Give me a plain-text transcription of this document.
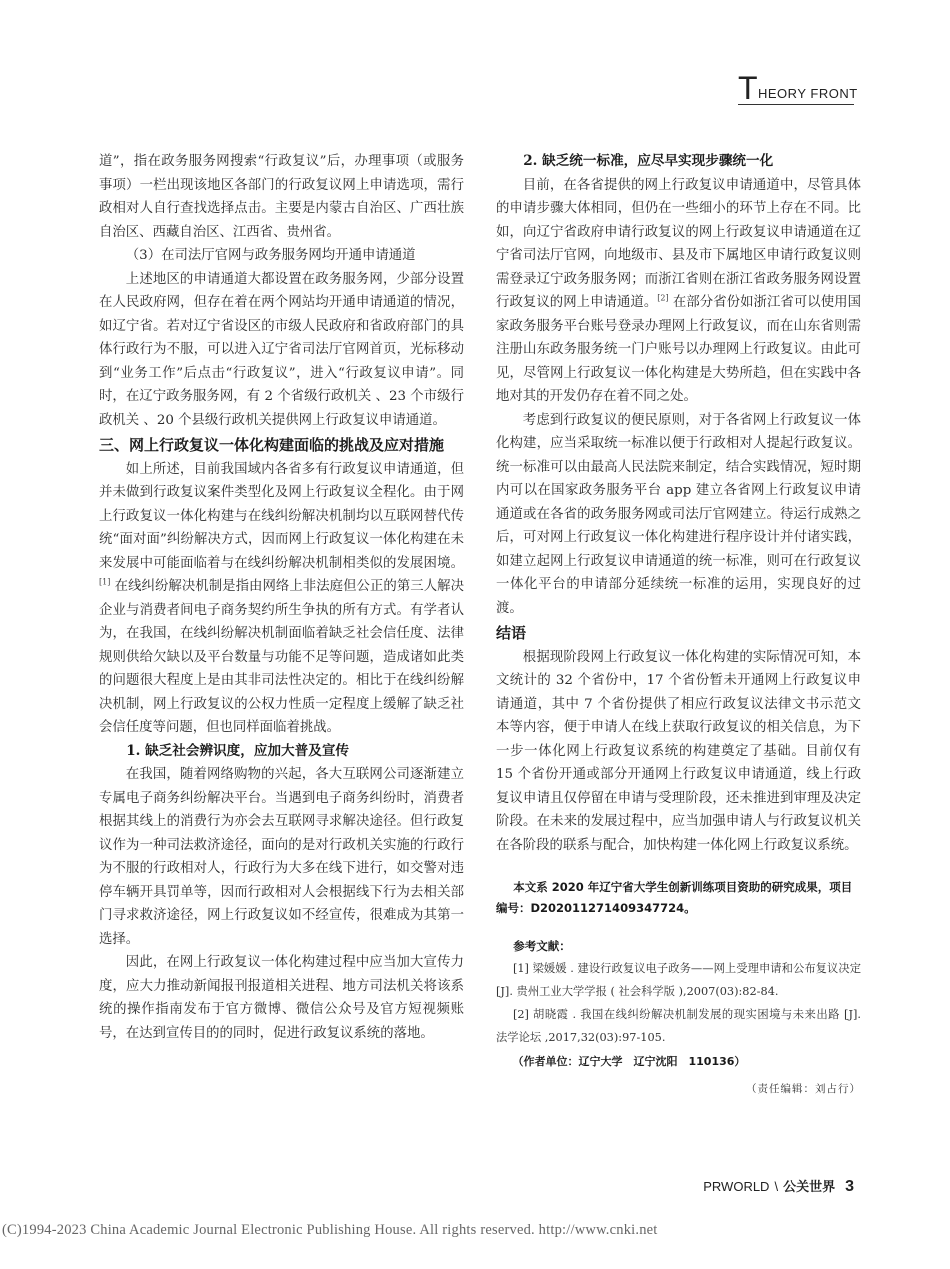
T HEORY FRONT

道”，指在政务服务网搜索“行政复议”后，办理事项（或服务事项）一栏出现该地区各部门的行政复议网上申请选项，需行政相对人自行查找选择点击。主要是内蒙古自治区、广西壮族自治区、西藏自治区、江西省、贵州省。

（3）在司法厅官网与政务服务网均开通申请通道

上述地区的申请通道大都设置在政务服务网，少部分设置在人民政府网，但存在着在两个网站均开通申请通道的情况，如辽宁省。若对辽宁省设区的市级人民政府和省政府部门的具体行政行为不服，可以进入辽宁省司法厅官网首页，光标移动到“业务工作”后点击“行政复议”，进入“行政复议申请”。同时，在辽宁政务服务网，有 2 个省级行政机关 、23 个市级行政机关 、20 个县级行政机关提供网上行政复议申请通道。

三、网上行政复议一体化构建面临的挑战及应对措施

如上所述，目前我国域内各省多有行政复议申请通道，但并未做到行政复议案件类型化及网上行政复议全程化。由于网上行政复议一体化构建与在线纠纷解决机制均以互联网替代传统“面对面”纠纷解决方式，因而网上行政复议一体化构建在未来发展中可能面临着与在线纠纷解决机制相类似的发展困境。[1] 在线纠纷解决机制是指由网络上非法庭但公正的第三人解决企业与消费者间电子商务契约所生争执的所有方式。有学者认为，在我国，在线纠纷解决机制面临着缺乏社会信任度、法律规则供给欠缺以及平台数量与功能不足等问题，造成诸如此类的问题很大程度上是由其非司法性决定的。相比于在线纠纷解决机制，网上行政复议的公权力性质一定程度上缓解了缺乏社会信任度等问题，但也同样面临着挑战。

1. 缺乏社会辨识度，应加大普及宣传

在我国，随着网络购物的兴起，各大互联网公司逐渐建立专属电子商务纠纷解决平台。当遇到电子商务纠纷时，消费者根据其线上的消费行为亦会去互联网寻求解决途径。但行政复议作为一种司法救济途径，面向的是对行政机关实施的行政行为不服的行政相对人，行政行为大多在线下进行，如交警对违停车辆开具罚单等，因而行政相对人会根据线下行为去相关部门寻求救济途径，网上行政复议如不经宣传，很难成为其第一选择。

因此，在网上行政复议一体化构建过程中应当加大宣传力度，应大力推动新闻报刊报道相关进程、地方司法机关将该系统的操作指南发布于官方微博、微信公众号及官方短视频账号，在达到宣传目的的同时，促进行政复议系统的落地。

2. 缺乏统一标准，应尽早实现步骤统一化

目前，在各省提供的网上行政复议申请通道中，尽管具体的申请步骤大体相同，但仍在一些细小的环节上存在不同。比如，向辽宁省政府申请行政复议的网上行政复议申请通道在辽宁省司法厅官网，向地级市、县及市下属地区申请行政复议则需登录辽宁政务服务网；而浙江省则在浙江省政务服务网设置行政复议的网上申请通道。[2] 在部分省份如浙江省可以使用国家政务服务平台账号登录办理网上行政复议，而在山东省则需注册山东政务服务统一门户账号以办理网上行政复议。由此可见，尽管网上行政复议一体化构建是大势所趋，但在实践中各地对其的开发仍存在着不同之处。

考虑到行政复议的便民原则，对于各省网上行政复议一体化构建，应当采取统一标准以便于行政相对人提起行政复议。统一标准可以由最高人民法院来制定，结合实践情况，短时期内可以在国家政务服务平台 app 建立各省网上行政复议申请通道或在各省的政务服务网或司法厅官网建立。待运行成熟之后，可对网上行政复议一体化构建进行程序设计并付诸实践，如建立起网上行政复议申请通道的统一标准，则可在行政复议一体化平台的申请部分延续统一标准的运用，实现良好的过渡。

结语

根据现阶段网上行政复议一体化构建的实际情况可知，本文统计的 32 个省份中，17 个省份暂未开通网上行政复议申请通道，其中 7 个省份提供了相应行政复议法律文书示范文本等内容，便于申请人在线上获取行政复议的相关信息，为下一步一体化网上行政复议系统的构建奠定了基础。目前仅有 15 个省份开通或部分开通网上行政复议申请通道，线上行政复议申请且仅停留在申请与受理阶段，还未推进到审理及决定阶段。在未来的发展过程中，应当加强申请人与行政复议机关在各阶段的联系与配合，加快构建一体化网上行政复议系统。

本文系 2020 年辽宁省大学生创新训练项目资助的研究成果，项目编号：D202011271409347724。

参考文献：

[1] 梁媛媛 . 建设行政复议电子政务——网上受理申请和公布复议决定 [J]. 贵州工业大学学报 ( 社会科学版 ),2007(03):82-84.

[2] 胡晓霞 . 我国在线纠纷解决机制发展的现实困境与未来出路 [J]. 法学论坛 ,2017,32(03):97-105.

（作者单位：辽宁大学　辽宁沈阳　110136）

（责任编辑：刘占行）

PRWORLD \ 公关世界 3
(C)1994-2023 China Academic Journal Electronic Publishing House. All rights reserved. http://www.cnki.net
